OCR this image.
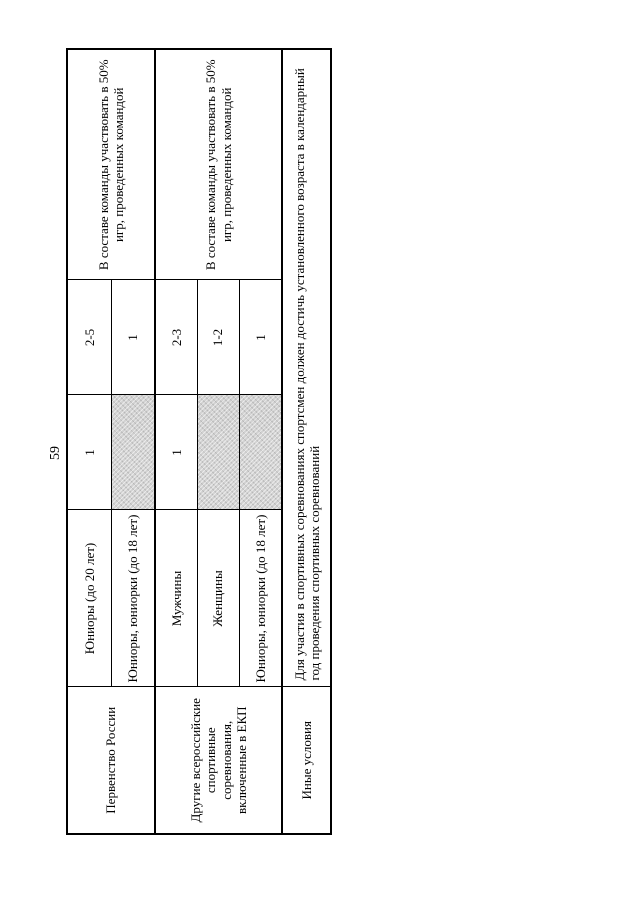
59
Первенство России	Юниоры (до 20 лет)	1	2-5	В составе команды участвовать в 50% игр, проведенных командой
	Юниоры, юниорки (до 18 лет)		1	
Другие всероссийские спортивные соревнования, включенные в ЕКП	Мужчины	1	2-3	В составе команды участвовать в 50% игр, проведенных командой
	Женщины		1-2	
	Юниоры, юниорки (до 18 лет)		1	
Иные условия	Для участия в спортивных соревнованиях спортсмен должен достичь установленного возраста в календарный год проведения спортивных соревнований			
